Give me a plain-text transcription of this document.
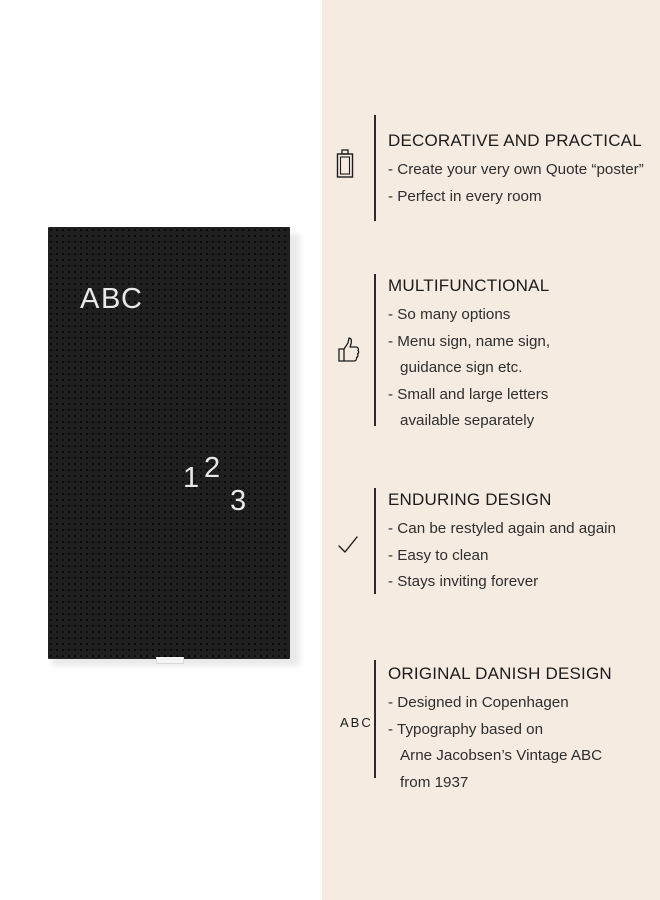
A B C
1 2
3
DECORATIVE AND PRACTICAL
- Create your very own Quote “poster”
- Perfect in every room
MULTIFUNCTIONAL
- So many options
- Menu sign, name sign,
guidance sign etc.
- Small and large letters
available separately
ENDURING DESIGN
- Can be restyled again and again
- Easy to clean
- Stays inviting forever
ABC
ORIGINAL DANISH DESIGN
- Designed in Copenhagen
- Typography based on
Arne Jacobsen’s Vintage ABC
from 1937
